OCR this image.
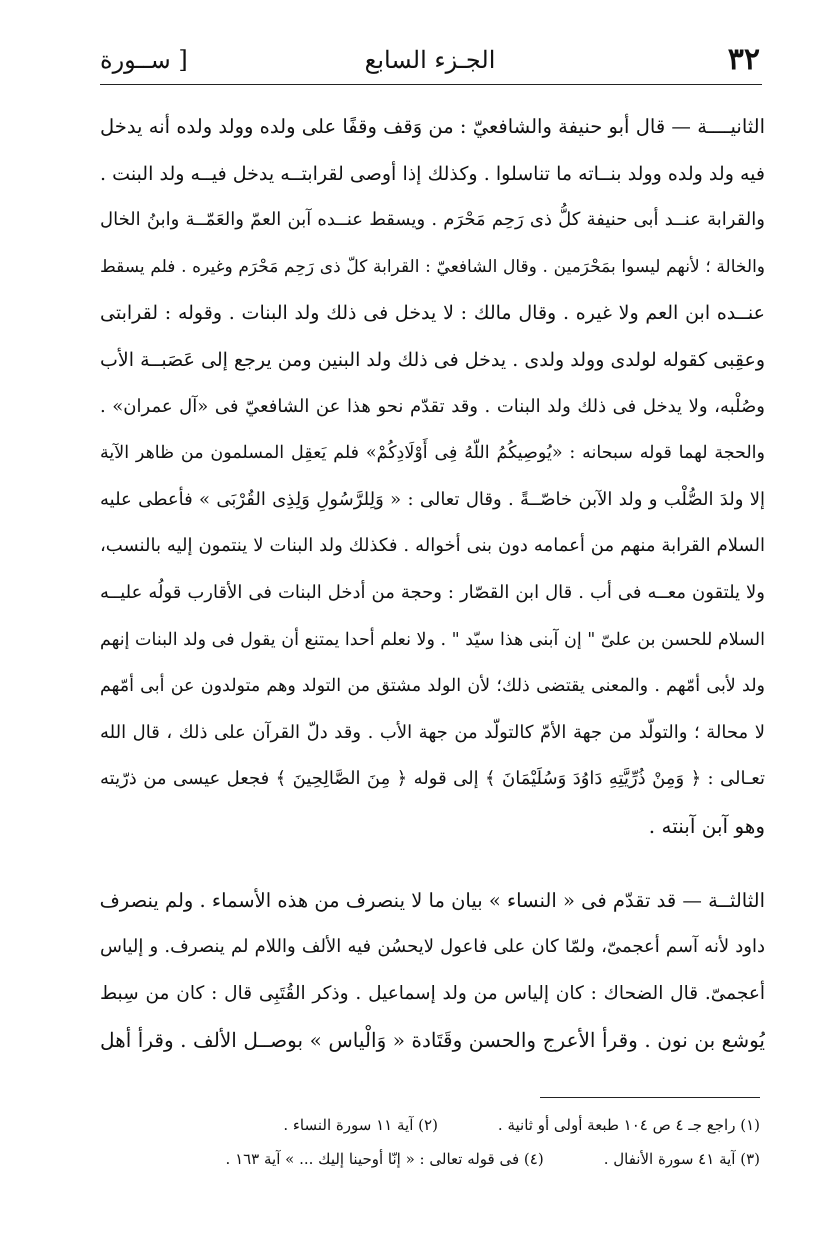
٣٢
الجـزء السابع
[ ســورة
الثانيــــة — قال أبو حنيفة والشافعيّ : من وَقف وقفًا على ولده وولد ولده أنه يدخل
فيه ولد ولده وولد بنــاته ما تناسلوا . وكذلك إذا أوصى لقرابتــه يدخل فيــه ولد البنت .
والقرابة عنــد أبى حنيفة كلُّ ذى رَحِم مَحْرَم . ويسقط عنــده آبن العمّ والعَمّــة وابنُ الخال
والخالة ؛ لأنهم ليسوا بمَحْرَمين . وقال الشافعيّ : القرابة كلّ ذى رَحِم مَحْرَم وغيره . فلم يسقط
عنــده ابن العم ولا غيره . وقال مالك : لا يدخل فى ذلك ولد البنات . وقوله : لقرابتى
وعقِبى كقوله لولدى وولد ولدى . يدخل فى ذلك ولد البنين ومن يرجع إلى عَصَبــة الأب
وصُلْبه، ولا يدخل فى ذلك ولد البنات . وقد تقدّم نحو هذا عن الشافعيّ فى «آل عمران» .
والحجة لهما قوله سبحانه : «يُوصِيكُمُ اللّهُ فِى أَوْلَادِكُمْ» فلم يَعقِل المسلمون من ظاهر الآية
إلا ولدَ الصُّلْب و ولد الآبن خاصّــةً . وقال تعالى : « وَلِلرَّسُولِ وَلِذِى القُرْبَى » فأعطى عليه
السلام القرابة منهم من أعمامه دون بنى أخواله . فكذلك ولد البنات لا ينتمون إليه بالنسب،
ولا يلتقون معــه فى أب . قال ابن القصّار : وحجة من أدخل البنات فى الأقارب قولُه عليــه
السلام للحسن بن علىّ " إن آبنى هذا سيّد " . ولا نعلم أحدا يمتنع أن يقول فى ولد البنات إنهم
ولد لأبى أمّهم . والمعنى يقتضى ذلك؛ لأن الولد مشتق من التولد وهم متولدون عن أبى أمّهم
لا محالة ؛ والتولّد من جهة الأمّ كالتولّد من جهة الأب . وقد دلّ القرآن على ذلك ، قال الله
تعـالى : ﴿ وَمِنْ ذُرِّيَّتِهِ دَاوُدَ وَسُلَيْمَانَ ﴾ إلى قوله ﴿ مِنَ الصَّالِحِينَ ﴾ فجعل عيسى من ذرّيته
وهو آبن آبنته .
الثالثــة — قد تقدّم فى « النساء » بيان ما لا ينصرف من هذه الأسماء . ولم ينصرف
داود لأنه آسم أعجمىّ، ولمّا كان على فاعول لايحسُن فيه الألف واللام لم ينصرف. و إلياس
أعجمىّ. قال الضحاك : كان إلياس من ولد إسماعيل . وذكر القُتَبِى قال : كان من سِبط
يُوشع بن نون . وقرأ الأعرج والحسن وقَتَادة « وَالْياس » بوصــل الألف . وقرأ أهل
(١) راجع جـ ٤ ص ١٠٤ طبعة أولى أو ثانية .
(٢) آية ١١ سورة النساء .
(٣) آية ٤١ سورة الأنفال .
(٤) فى قوله تعالى : « إنّا أوحينا إليك ... » آية ١٦٣ .
